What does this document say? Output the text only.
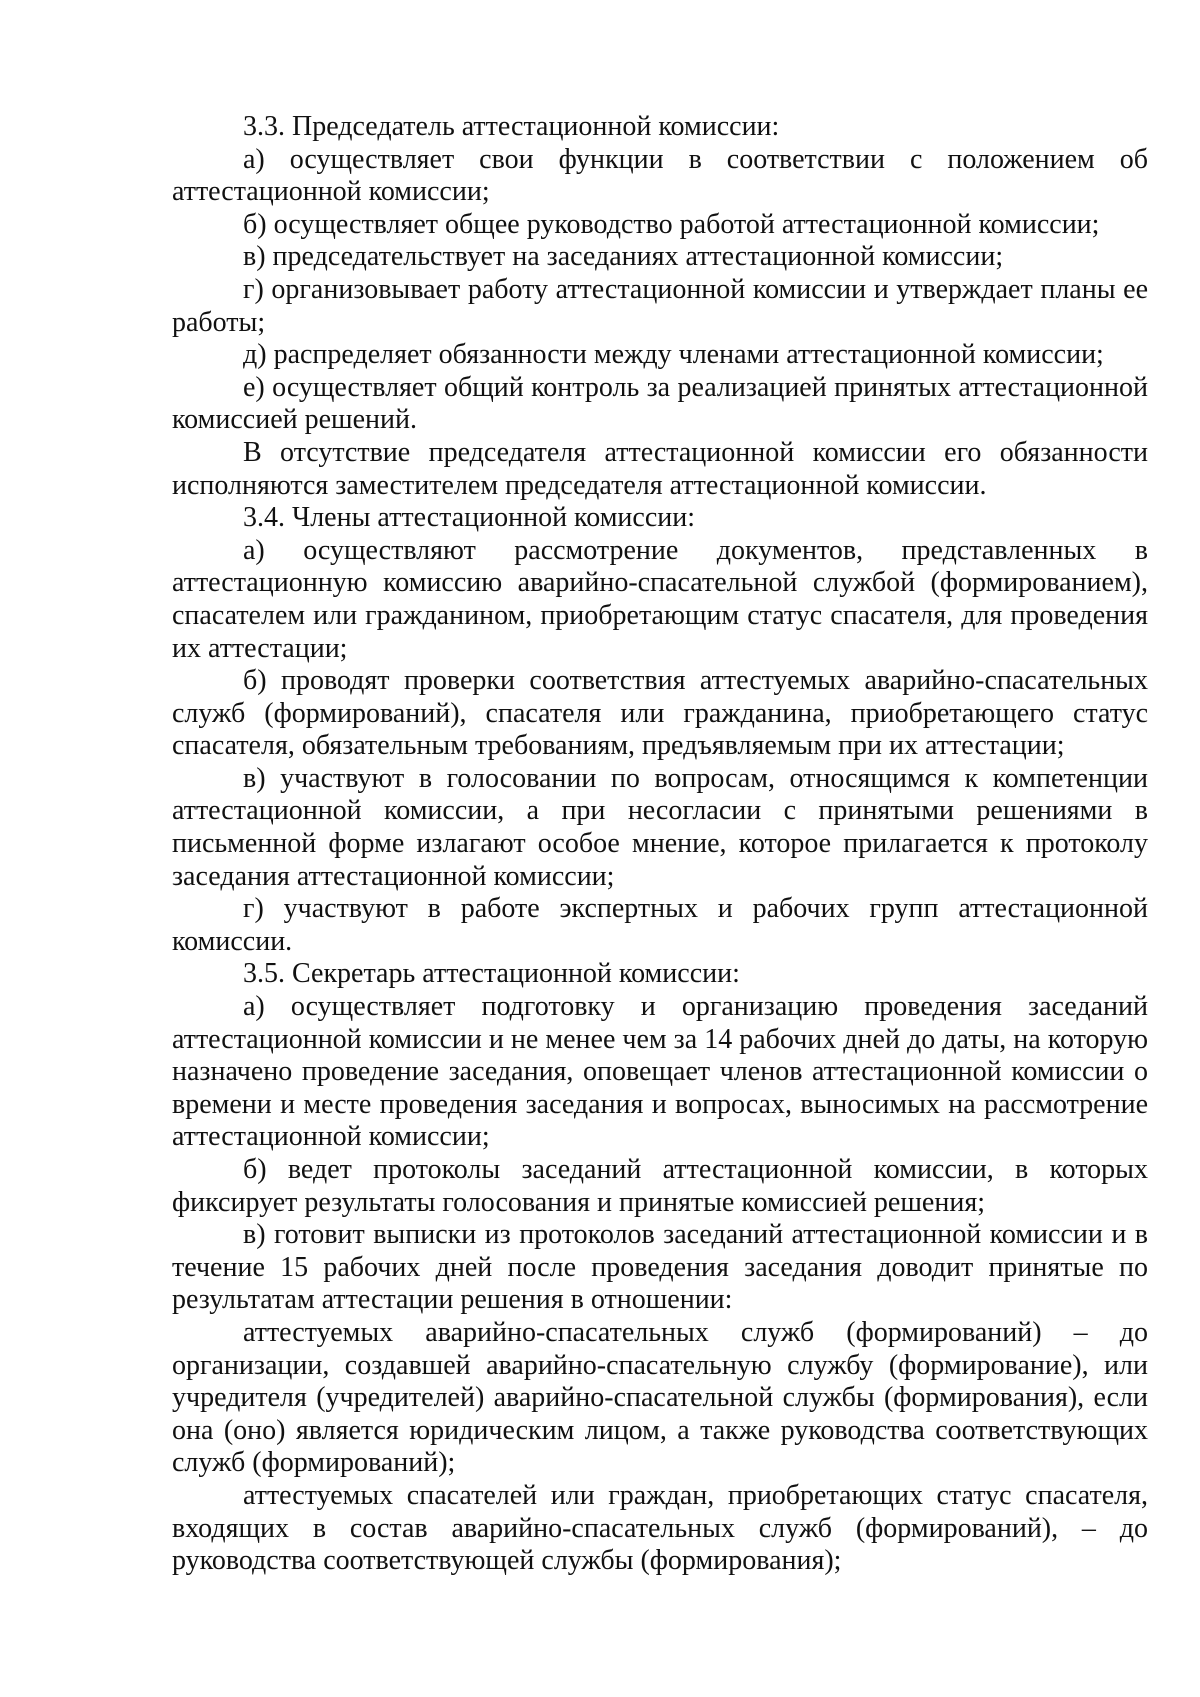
3.3. Председатель аттестационной комиссии:

а) осуществляет свои функции в соответствии с положением об аттестационной комиссии;

б) осуществляет общее руководство работой аттестационной комиссии;

в) председательствует на заседаниях аттестационной комиссии;

г) организовывает работу аттестационной комиссии и утверждает планы ее работы;

д) распределяет обязанности между членами аттестационной комиссии;

е) осуществляет общий контроль за реализацией принятых аттестационной комиссией решений.

В отсутствие председателя аттестационной комиссии его обязанности исполняются заместителем председателя аттестационной комиссии.

3.4. Члены аттестационной комиссии:

а) осуществляют рассмотрение документов, представленных в аттестационную комиссию аварийно-спасательной службой (формированием), спасателем или гражданином, приобретающим статус спасателя, для проведения их аттестации;

б) проводят проверки соответствия аттестуемых аварийно-спасательных служб (формирований), спасателя или гражданина, приобретающего статус спасателя, обязательным требованиям, предъявляемым при их аттестации;

в) участвуют в голосовании по вопросам, относящимся к компетенции аттестационной комиссии, а при несогласии с принятыми решениями в письменной форме излагают особое мнение, которое прилагается к протоколу заседания аттестационной комиссии;

г) участвуют в работе экспертных и рабочих групп аттестационной комиссии.

3.5. Секретарь аттестационной комиссии:

а) осуществляет подготовку и организацию проведения заседаний аттестационной комиссии и не менее чем за 14 рабочих дней до даты, на которую назначено проведение заседания, оповещает членов аттестационной комиссии о времени и месте проведения заседания и вопросах, выносимых на рассмотрение аттестационной комиссии;

б) ведет протоколы заседаний аттестационной комиссии, в которых фиксирует результаты голосования и принятые комиссией решения;

в) готовит выписки из протоколов заседаний аттестационной комиссии и в течение 15 рабочих дней после проведения заседания доводит принятые по результатам аттестации решения в отношении:

аттестуемых аварийно-спасательных служб (формирований) – до организации, создавшей аварийно-спасательную службу (формирование), или учредителя (учредителей) аварийно-спасательной службы (формирования), если она (оно) является юридическим лицом, а также руководства соответствующих служб (формирований);

аттестуемых спасателей или граждан, приобретающих статус спасателя, входящих в состав аварийно-спасательных служб (формирований), – до руководства соответствующей службы (формирования);
